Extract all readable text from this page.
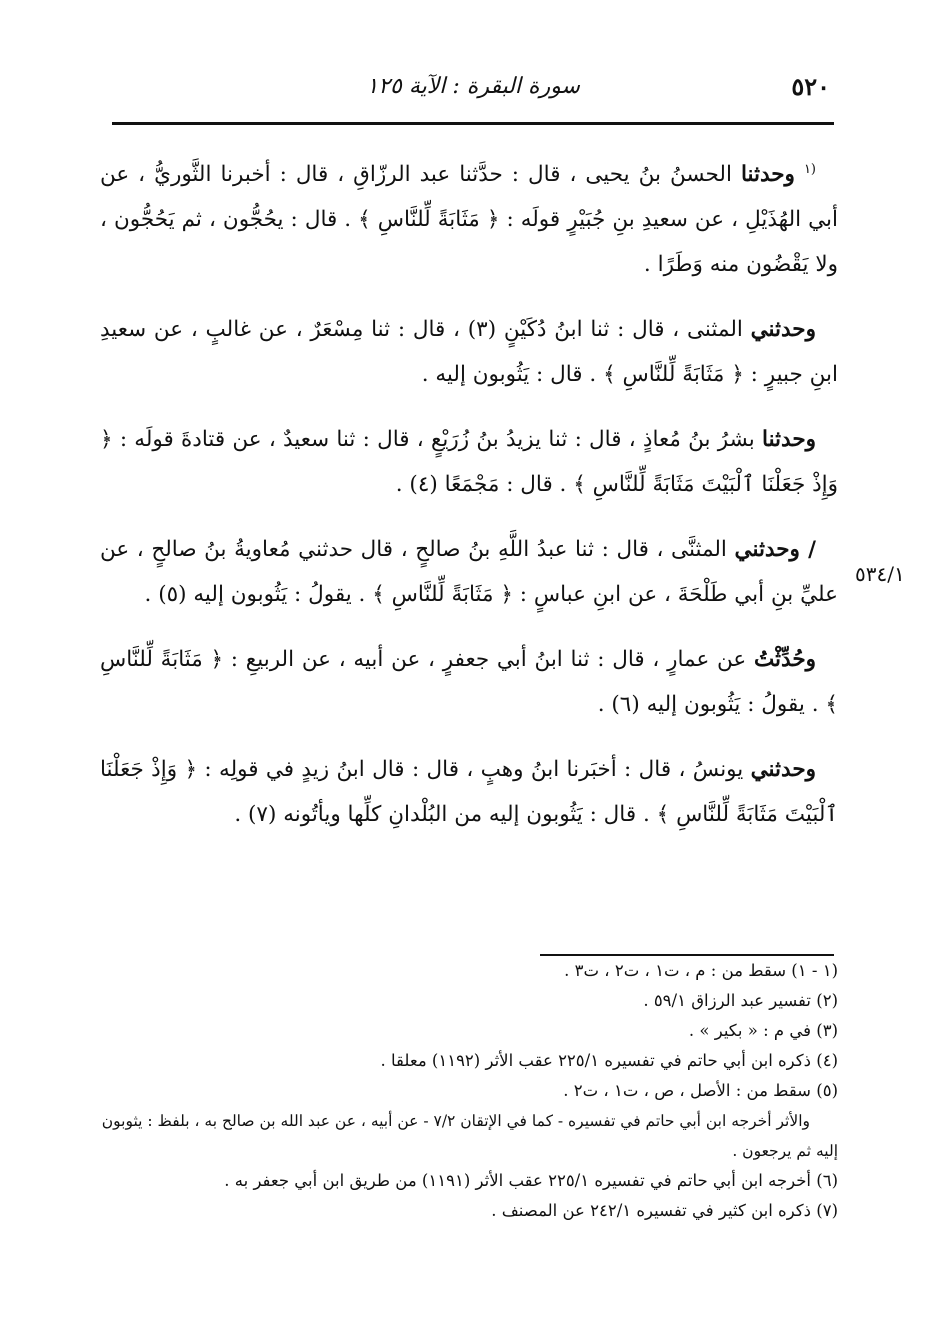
٥٢٠
سورة البقرة : الآية ١٢٥
٥٣٤/١

$^{(١}$ وحدثنا الحسنُ بنُ يحيى ، قال : حدَّثنا عبد الرزّاقِ ، قال : أخبرنا الثَّوريُّ ، عن أبي الهُذَيْلِ ، عن سعيدِ بنِ جُبَيْرٍ قولَه : ﴿ مَثَابَةً لِّلنَّاسِ ﴾ . قال : يحُجُّون ، ثم يَحُجُّون ، ولا يَقْضُون منه وَطَرًا .

وحدثني المثنى ، قال : ثنا ابنُ دُكَيْنٍ (٣) ، قال : ثنا مِسْعَرٌ ، عن غالبٍ ، عن سعيدِ ابنِ جبيرٍ : ﴿ مَثَابَةً لِّلنَّاسِ ﴾ . قال : يَثُوبون إليه .

وحدثنا بشرُ بنُ مُعاذٍ ، قال : ثنا يزيدُ بنُ زُرَيْعٍ ، قال : ثنا سعيدٌ ، عن قتادةَ قولَه : ﴿ وَإِذْ جَعَلْنَا ٱلْبَيْتَ مَثَابَةً لِّلنَّاسِ ﴾ . قال : مَجْمَعًا (٤) .

/ وحدثني المثنَّى ، قال : ثنا عبدُ اللَّهِ بنُ صالحٍ ، قال حدثني مُعاويةُ بنُ صالحٍ ، عن عليِّ بنِ أبي طَلْحَةَ ، عن ابنِ عباسٍ : ﴿ مَثَابَةً لِّلنَّاسِ ﴾ . يقولُ : يَثُوبون إليه (٥) .

وحُدِّثْتُ عن عمارٍ ، قال : ثنا ابنُ أبي جعفرٍ ، عن أبيه ، عن الربيعِ : ﴿ مَثَابَةً لِّلنَّاسِ ﴾ . يقولُ : يَثُوبون إليه (٦) .

وحدثني يونسُ ، قال : أخبَرنا ابنُ وهبٍ ، قال : قال ابنُ زيدٍ في قولِه : ﴿ وَإِذْ جَعَلْنَا ٱلْبَيْتَ مَثَابَةً لِّلنَّاسِ ﴾ . قال : يَثُوبون إليه من البُلْدانِ كلِّها ويأتُونه (٧) .

(١ - ١) سقط من : م ، ت١ ، ت٢ ، ت٣ .

(٢) تفسير عبد الرزاق ٥٩/١ .

(٣) في م : « بكير » .

(٤) ذكره ابن أبي حاتم في تفسيره ٢٢٥/١ عقب الأثر (١١٩٢) معلقا .

(٥) سقط من : الأصل ، ص ، ت١ ، ت٢ .

والأثر أخرجه ابن أبي حاتم في تفسيره - كما في الإتقان ٧/٢ - عن أبيه ، عن عبد الله بن صالح به ، بلفظ : يثوبون إليه ثم يرجعون .

(٦) أخرجه ابن أبي حاتم في تفسيره ٢٢٥/١ عقب الأثر (١١٩١) من طريق ابن أبي جعفر به .

(٧) ذكره ابن كثير في تفسيره ٢٤٢/١ عن المصنف .
